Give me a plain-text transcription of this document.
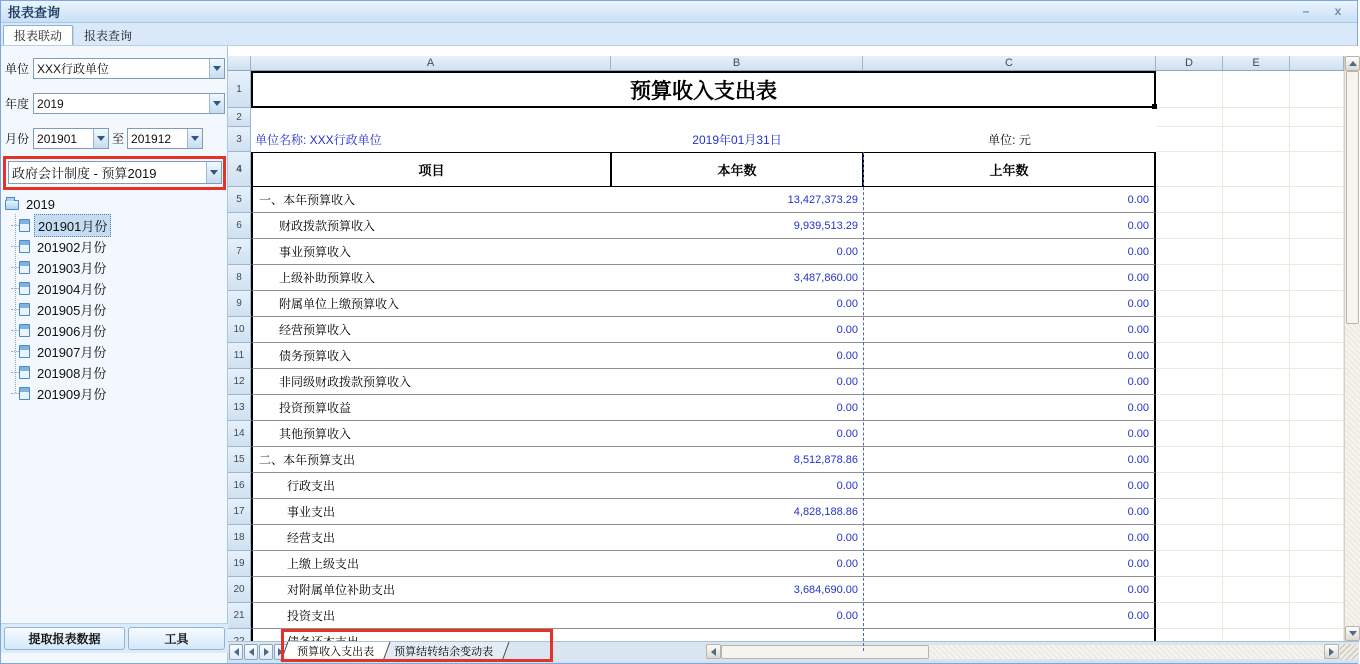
报表查询	–	x
报表联动 报表查询
单位 XXX行政单位
年度 2019
月份 201901	至 201912
政府会计制度 - 预算2019
2019
201901月份
201902月份
201903月份
201904月份
201905月份
201906月份
201907月份
201908月份
201909月份
提取报表数据	工具
A	B	C	D	E
1	预算收入支出表
2
3	单位名称: XXX行政单位	2019年01月31日	单位: 元
4	项目	本年数	上年数
5	一、本年预算收入	13,427,373.29	0.00
6	财政拨款预算收入	9,939,513.29	0.00
7	事业预算收入	0.00	0.00
8	上级补助预算收入	3,487,860.00	0.00
9	附属单位上缴预算收入	0.00	0.00
10	经营预算收入	0.00	0.00
11	债务预算收入	0.00	0.00
12	非同级财政拨款预算收入	0.00	0.00
13	投资预算收益	0.00	0.00
14	其他预算收入	0.00	0.00
15	二、本年预算支出	8,512,878.86	0.00
16	行政支出	0.00	0.00
17	事业支出	4,828,188.86	0.00
18	经营支出	0.00	0.00
19	上缴上级支出	0.00	0.00
20	对附属单位补助支出	3,684,690.00	0.00
21	投资支出	0.00	0.00
预算收入支出表 预算结转结余变动表
